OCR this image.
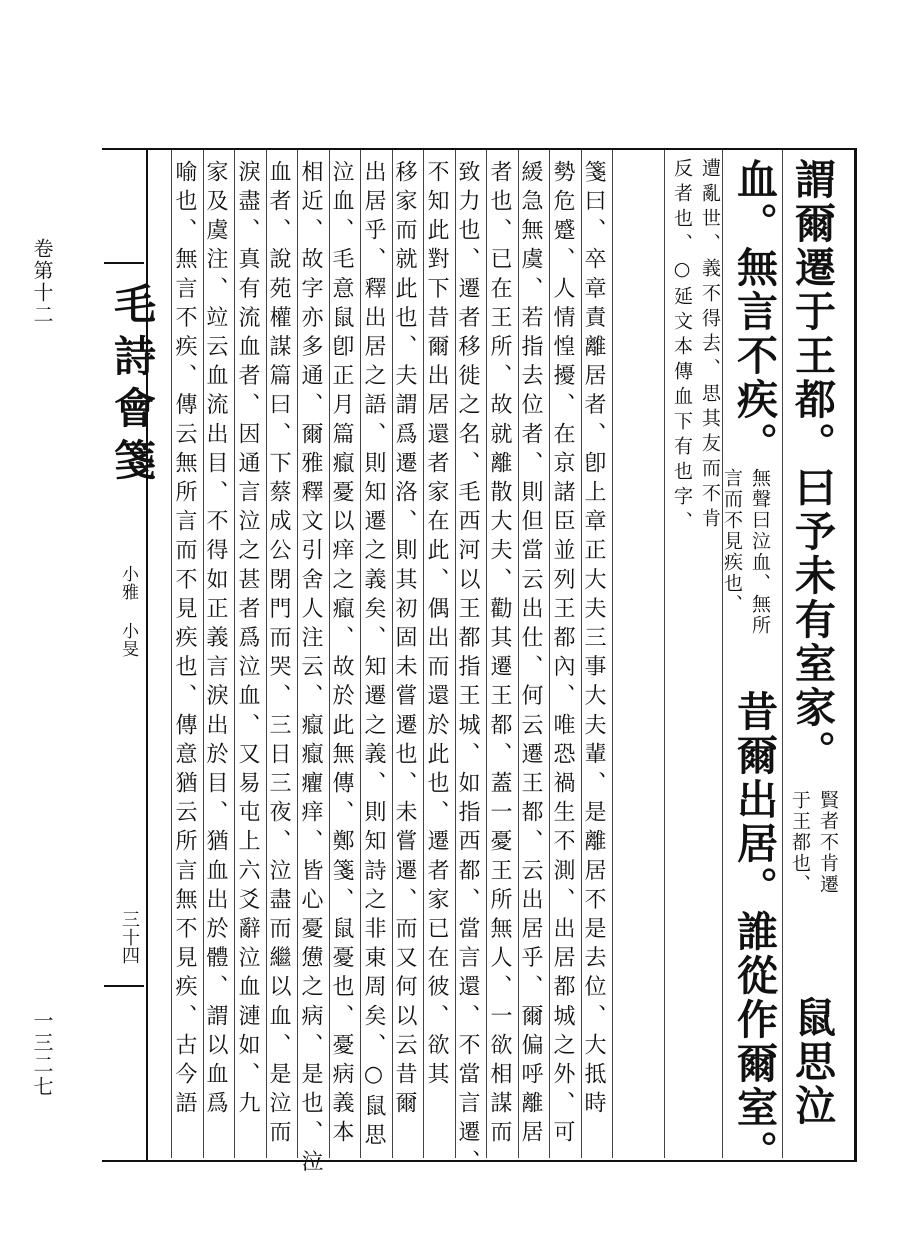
卷第十二
一三二七
毛詩會箋
小雅 小旻
三十四
謂爾遷于王都。曰予未有室家。
賢者不肯遷
于王都也、
鼠思泣
血。無言不疾。
無聲曰泣血、無所
言而不見疾也、
昔爾出居。誰從作爾室。
遭亂世、義不得去、思其友而不肯
反者也、○延文本傳血下有也字、
箋曰、卒章責離居者、卽上章正大夫三事大夫輩、是離居不是去位、大抵時
勢危蹙、人情惶擾、在京諸臣並列王都內、唯恐禍生不測、出居都城之外、可
緩急無虞、若指去位者、則但當云出仕、何云遷王都、云出居乎、爾偏呼離居
者也、已在王所、故就離散大夫、勸其遷王都、蓋一憂王所無人、一欲相謀而
致力也、遷者移徙之名、毛西河以王都指王城、如指西都、當言還、不當言遷、
不知此對下昔爾出居還者家在此、偶出而還於此也、遷者家已在彼、欲其
移家而就此也、夫謂爲遷洛、則其初固未嘗遷也、未嘗遷、而又何以云昔爾
出居乎、釋出居之語、則知遷之義矣、知遷之義、則知詩之非東周矣、○鼠思
泣血、毛意鼠卽正月篇癙憂以痒之癙、故於此無傳、鄭箋、鼠憂也、憂病義本
相近、故字亦多通、爾雅釋文引舍人注云、癙癙癯痒、皆心憂憊之病、是也、泣
血者、說苑權謀篇曰、下蔡成公閉門而哭、三日三夜、泣盡而繼以血、是泣而
淚盡、真有流血者、因通言泣之甚者爲泣血、又易屯上六爻辭泣血漣如、九
家及虞注、竝云血流出目、不得如正義言淚出於目、猶血出於體、謂以血爲
喻也、無言不疾、傳云無所言而不見疾也、傳意猶云所言無不見疾、古今語
